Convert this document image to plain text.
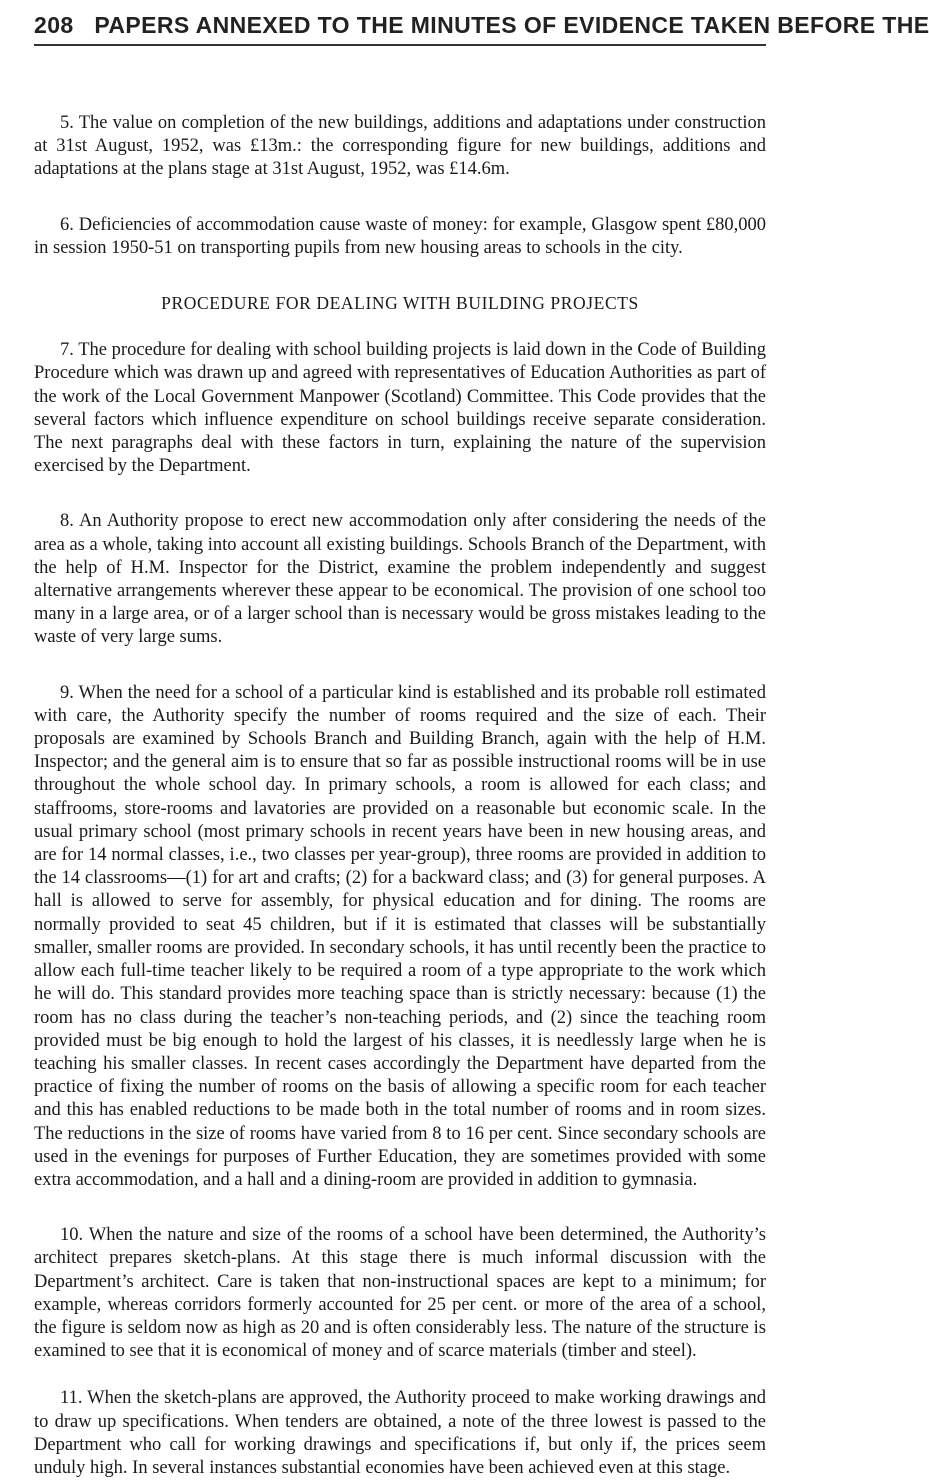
208 PAPERS ANNEXED TO THE MINUTES OF EVIDENCE TAKEN BEFORE THE

5. The value on completion of the new buildings, additions and adaptations under construction at 31st August, 1952, was £13m.: the corresponding figure for new buildings, additions and adaptations at the plans stage at 31st August, 1952, was £14.6m.

6. Deficiencies of accommodation cause waste of money: for example, Glasgow spent £80,000 in session 1950-51 on transporting pupils from new housing areas to schools in the city.

PROCEDURE FOR DEALING WITH BUILDING PROJECTS

7. The procedure for dealing with school building projects is laid down in the Code of Building Procedure which was drawn up and agreed with representatives of Education Authorities as part of the work of the Local Government Manpower (Scotland) Committee. This Code provides that the several factors which influence expenditure on school buildings receive separate consideration. The next paragraphs deal with these factors in turn, explaining the nature of the supervision exercised by the Department.

8. An Authority propose to erect new accommodation only after considering the needs of the area as a whole, taking into account all existing buildings. Schools Branch of the Department, with the help of H.M. Inspector for the District, examine the problem independently and suggest alternative arrangements wherever these appear to be economical. The provision of one school too many in a large area, or of a larger school than is necessary would be gross mistakes leading to the waste of very large sums.

9. When the need for a school of a particular kind is established and its probable roll estimated with care, the Authority specify the number of rooms required and the size of each. Their proposals are examined by Schools Branch and Building Branch, again with the help of H.M. Inspector; and the general aim is to ensure that so far as possible instructional rooms will be in use throughout the whole school day. In primary schools, a room is allowed for each class; and staffrooms, store-rooms and lavatories are provided on a reasonable but economic scale. In the usual primary school (most primary schools in recent years have been in new housing areas, and are for 14 normal classes, i.e., two classes per year-group), three rooms are provided in addition to the 14 classrooms—(1) for art and crafts; (2) for a backward class; and (3) for general purposes. A hall is allowed to serve for assembly, for physical education and for dining. The rooms are normally provided to seat 45 children, but if it is estimated that classes will be substantially smaller, smaller rooms are provided. In secondary schools, it has until recently been the practice to allow each full-time teacher likely to be required a room of a type appropriate to the work which he will do. This standard provides more teaching space than is strictly necessary: because (1) the room has no class during the teacher’s non-teaching periods, and (2) since the teaching room provided must be big enough to hold the largest of his classes, it is needlessly large when he is teaching his smaller classes. In recent cases accordingly the Department have departed from the practice of fixing the number of rooms on the basis of allowing a specific room for each teacher and this has enabled reductions to be made both in the total number of rooms and in room sizes. The reductions in the size of rooms have varied from 8 to 16 per cent. Since secondary schools are used in the evenings for purposes of Further Education, they are sometimes provided with some extra accommodation, and a hall and a dining-room are provided in addition to gymnasia.

10. When the nature and size of the rooms of a school have been determined, the Authority’s architect prepares sketch-plans. At this stage there is much informal discussion with the Department’s architect. Care is taken that non-instructional spaces are kept to a minimum; for example, whereas corridors formerly accounted for 25 per cent. or more of the area of a school, the figure is seldom now as high as 20 and is often considerably less. The nature of the structure is examined to see that it is economical of money and of scarce materials (timber and steel).

11. When the sketch-plans are approved, the Authority proceed to make working drawings and to draw up specifications. When tenders are obtained, a note of the three lowest is passed to the Department who call for working drawings and specifications if, but only if, the prices seem unduly high. In several instances substantial economies have been achieved even at this stage.
